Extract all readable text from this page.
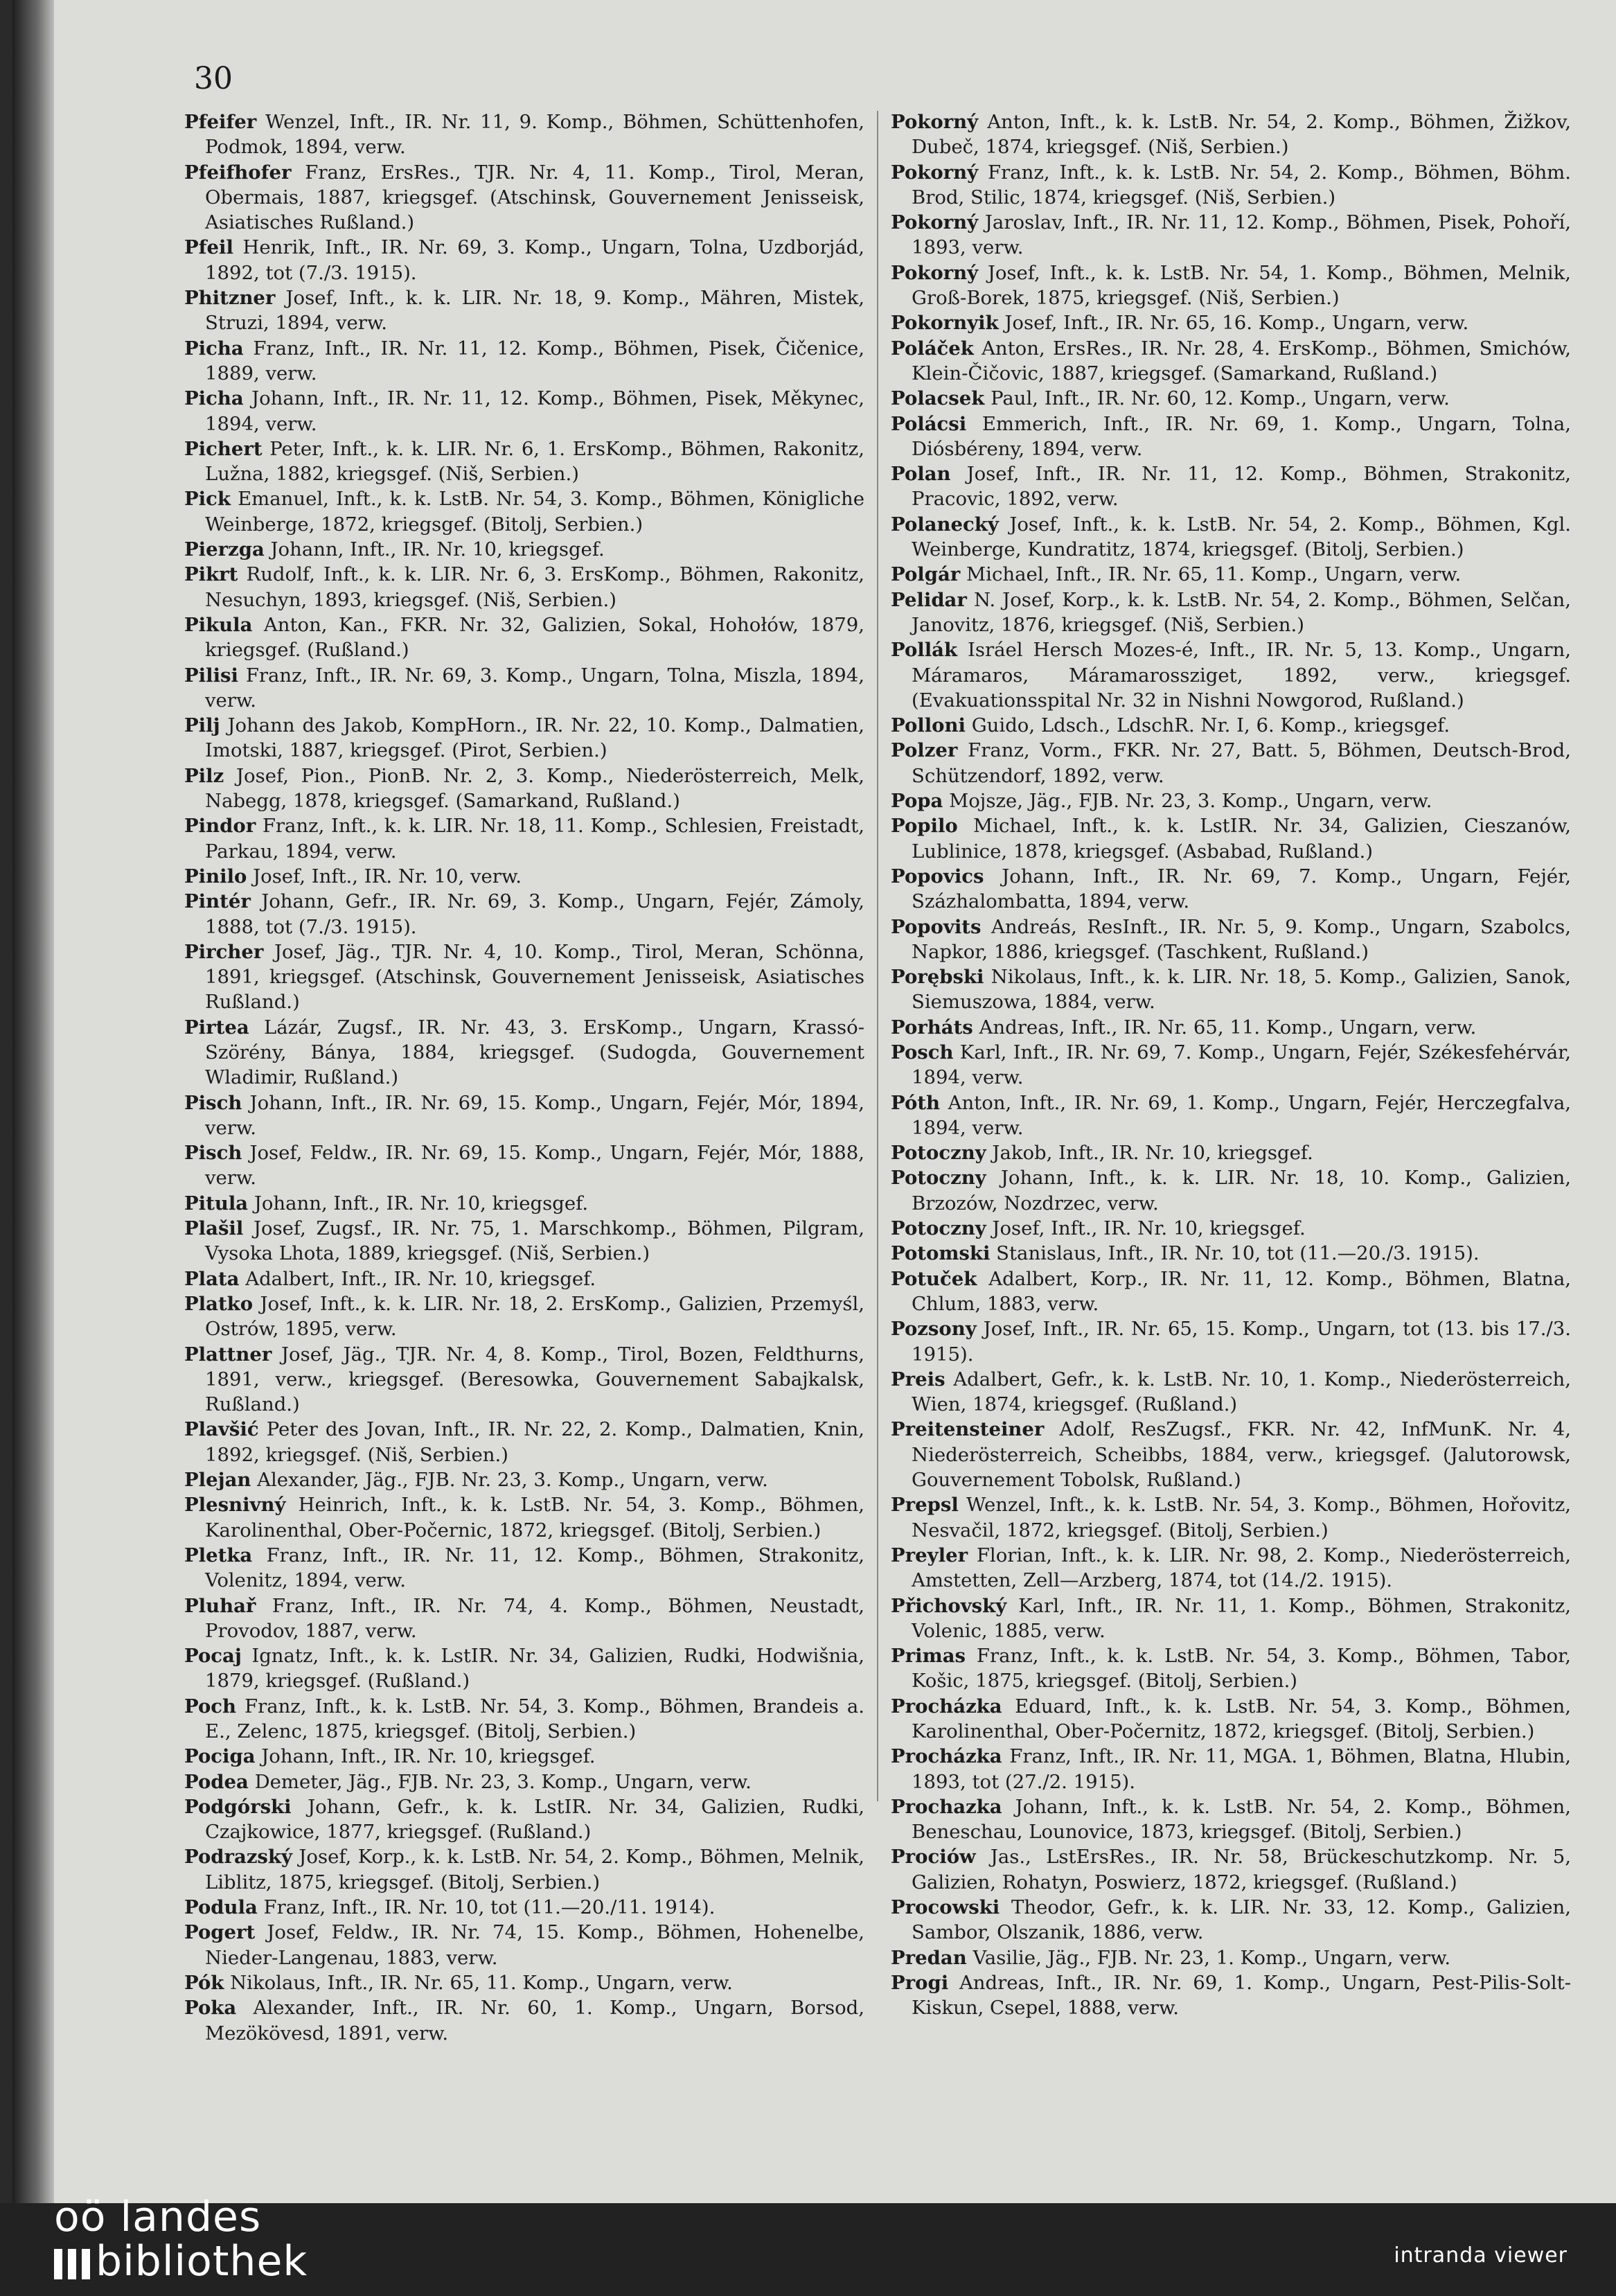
30
Pfeifer Wenzel, Inft., IR. Nr. 11, 9. Komp., Böhmen, Schüttenhofen, Podmok, 1894, verw.
Pfeifhofer Franz, ErsRes., TJR. Nr. 4, 11. Komp., Tirol, Meran, Obermais, 1887, kriegsgef. (Atschinsk, Gouvernement Jenisseisk, Asiatisches Rußland.)
Pfeil Henrik, Inft., IR. Nr. 69, 3. Komp., Ungarn, Tolna, Uzdborjád, 1892, tot (7./3. 1915).
Phitzner Josef, Inft., k. k. LIR. Nr. 18, 9. Komp., Mähren, Mistek, Struzi, 1894, verw.
Picha Franz, Inft., IR. Nr. 11, 12. Komp., Böhmen, Pisek, Čičenice, 1889, verw.
Picha Johann, Inft., IR. Nr. 11, 12. Komp., Böhmen, Pisek, Měkynec, 1894, verw.
Pichert Peter, Inft., k. k. LIR. Nr. 6, 1. ErsKomp., Böhmen, Rakonitz, Lužna, 1882, kriegsgef. (Niš, Serbien.)
Pick Emanuel, Inft., k. k. LstB. Nr. 54, 3. Komp., Böhmen, Königliche Weinberge, 1872, kriegsgef. (Bitolj, Serbien.)
Pierzga Johann, Inft., IR. Nr. 10, kriegsgef.
Pikrt Rudolf, Inft., k. k. LIR. Nr. 6, 3. ErsKomp., Böhmen, Rakonitz, Nesuchyn, 1893, kriegsgef. (Niš, Serbien.)
Pikula Anton, Kan., FKR. Nr. 32, Galizien, Sokal, Hohołów, 1879, kriegsgef. (Rußland.)
Pilisi Franz, Inft., IR. Nr. 69, 3. Komp., Ungarn, Tolna, Miszla, 1894, verw.
Pilj Johann des Jakob, KompHorn., IR. Nr. 22, 10. Komp., Dalmatien, Imotski, 1887, kriegsgef. (Pirot, Serbien.)
Pilz Josef, Pion., PionB. Nr. 2, 3. Komp., Niederösterreich, Melk, Nabegg, 1878, kriegsgef. (Samarkand, Rußland.)
Pindor Franz, Inft., k. k. LIR. Nr. 18, 11. Komp., Schlesien, Freistadt, Parkau, 1894, verw.
Pinilo Josef, Inft., IR. Nr. 10, verw.
Pintér Johann, Gefr., IR. Nr. 69, 3. Komp., Ungarn, Fejér, Zámoly, 1888, tot (7./3. 1915).
Pircher Josef, Jäg., TJR. Nr. 4, 10. Komp., Tirol, Meran, Schönna, 1891, kriegsgef. (Atschinsk, Gouvernement Jenisseisk, Asiatisches Rußland.)
Pirtea Lázár, Zugsf., IR. Nr. 43, 3. ErsKomp., Ungarn, Krassó-Szörény, Bánya, 1884, kriegsgef. (Sudogda, Gouvernement Wladimir, Rußland.)
Pisch Johann, Inft., IR. Nr. 69, 15. Komp., Ungarn, Fejér, Mór, 1894, verw.
Pisch Josef, Feldw., IR. Nr. 69, 15. Komp., Ungarn, Fejér, Mór, 1888, verw.
Pitula Johann, Inft., IR. Nr. 10, kriegsgef.
Plašil Josef, Zugsf., IR. Nr. 75, 1. Marschkomp., Böhmen, Pilgram, Vysoka Lhota, 1889, kriegsgef. (Niš, Serbien.)
Plata Adalbert, Inft., IR. Nr. 10, kriegsgef.
Platko Josef, Inft., k. k. LIR. Nr. 18, 2. ErsKomp., Galizien, Przemyśl, Ostrów, 1895, verw.
Plattner Josef, Jäg., TJR. Nr. 4, 8. Komp., Tirol, Bozen, Feldthurns, 1891, verw., kriegsgef. (Beresowka, Gouvernement Sabajkalsk, Rußland.)
Plavšić Peter des Jovan, Inft., IR. Nr. 22, 2. Komp., Dalmatien, Knin, 1892, kriegsgef. (Niš, Serbien.)
Plejan Alexander, Jäg., FJB. Nr. 23, 3. Komp., Ungarn, verw.
Plesnivný Heinrich, Inft., k. k. LstB. Nr. 54, 3. Komp., Böhmen, Karolinenthal, Ober-Počernic, 1872, kriegsgef. (Bitolj, Serbien.)
Pletka Franz, Inft., IR. Nr. 11, 12. Komp., Böhmen, Strakonitz, Volenitz, 1894, verw.
Pluhař Franz, Inft., IR. Nr. 74, 4. Komp., Böhmen, Neustadt, Provodov, 1887, verw.
Pocaj Ignatz, Inft., k. k. LstIR. Nr. 34, Galizien, Rudki, Hodwišnia, 1879, kriegsgef. (Rußland.)
Poch Franz, Inft., k. k. LstB. Nr. 54, 3. Komp., Böhmen, Brandeis a. E., Zelenc, 1875, kriegsgef. (Bitolj, Serbien.)
Pociga Johann, Inft., IR. Nr. 10, kriegsgef.
Podea Demeter, Jäg., FJB. Nr. 23, 3. Komp., Ungarn, verw.
Podgórski Johann, Gefr., k. k. LstIR. Nr. 34, Galizien, Rudki, Czajkowice, 1877, kriegsgef. (Rußland.)
Podrazský Josef, Korp., k. k. LstB. Nr. 54, 2. Komp., Böhmen, Melnik, Liblitz, 1875, kriegsgef. (Bitolj, Serbien.)
Podula Franz, Inft., IR. Nr. 10, tot (11.—20./11. 1914).
Pogert Josef, Feldw., IR. Nr. 74, 15. Komp., Böhmen, Hohenelbe, Nieder-Langenau, 1883, verw.
Pók Nikolaus, Inft., IR. Nr. 65, 11. Komp., Ungarn, verw.
Poka Alexander, Inft., IR. Nr. 60, 1. Komp., Ungarn, Borsod, Mezökövesd, 1891, verw.
Pokorný Anton, Inft., k. k. LstB. Nr. 54, 2. Komp., Böhmen, Žižkov, Dubeč, 1874, kriegsgef. (Niš, Serbien.)
Pokorný Franz, Inft., k. k. LstB. Nr. 54, 2. Komp., Böhmen, Böhm. Brod, Stilic, 1874, kriegsgef. (Niš, Serbien.)
Pokorný Jaroslav, Inft., IR. Nr. 11, 12. Komp., Böhmen, Pisek, Pohoří, 1893, verw.
Pokorný Josef, Inft., k. k. LstB. Nr. 54, 1. Komp., Böhmen, Melnik, Groß-Borek, 1875, kriegsgef. (Niš, Serbien.)
Pokornyik Josef, Inft., IR. Nr. 65, 16. Komp., Ungarn, verw.
Poláček Anton, ErsRes., IR. Nr. 28, 4. ErsKomp., Böhmen, Smichów, Klein-Čičovic, 1887, kriegsgef. (Samarkand, Rußland.)
Polacsek Paul, Inft., IR. Nr. 60, 12. Komp., Ungarn, verw.
Polácsi Emmerich, Inft., IR. Nr. 69, 1. Komp., Ungarn, Tolna, Diósbéreny, 1894, verw.
Polan Josef, Inft., IR. Nr. 11, 12. Komp., Böhmen, Strakonitz, Pracovic, 1892, verw.
Polanecký Josef, Inft., k. k. LstB. Nr. 54, 2. Komp., Böhmen, Kgl. Weinberge, Kundratitz, 1874, kriegsgef. (Bitolj, Serbien.)
Polgár Michael, Inft., IR. Nr. 65, 11. Komp., Ungarn, verw.
Pelidar N. Josef, Korp., k. k. LstB. Nr. 54, 2. Komp., Böhmen, Selčan, Janovitz, 1876, kriegsgef. (Niš, Serbien.)
Pollák Isráel Hersch Mozes-é, Inft., IR. Nr. 5, 13. Komp., Ungarn, Máramaros, Máramarossziget, 1892, verw., kriegsgef. (Evakuationsspital Nr. 32 in Nishni Nowgorod, Rußland.)
Polloni Guido, Ldsch., LdschR. Nr. I, 6. Komp., kriegsgef.
Polzer Franz, Vorm., FKR. Nr. 27, Batt. 5, Böhmen, Deutsch-Brod, Schützendorf, 1892, verw.
Popa Mojsze, Jäg., FJB. Nr. 23, 3. Komp., Ungarn, verw.
Popilo Michael, Inft., k. k. LstIR. Nr. 34, Galizien, Cieszanów, Lublinice, 1878, kriegsgef. (Asbabad, Rußland.)
Popovics Johann, Inft., IR. Nr. 69, 7. Komp., Ungarn, Fejér, Százhalombatta, 1894, verw.
Popovits Andreás, ResInft., IR. Nr. 5, 9. Komp., Ungarn, Szabolcs, Napkor, 1886, kriegsgef. (Taschkent, Rußland.)
Porębski Nikolaus, Inft., k. k. LIR. Nr. 18, 5. Komp., Galizien, Sanok, Siemuszowa, 1884, verw.
Porháts Andreas, Inft., IR. Nr. 65, 11. Komp., Ungarn, verw.
Posch Karl, Inft., IR. Nr. 69, 7. Komp., Ungarn, Fejér, Székesfehérvár, 1894, verw.
Póth Anton, Inft., IR. Nr. 69, 1. Komp., Ungarn, Fejér, Herczegfalva, 1894, verw.
Potoczny Jakob, Inft., IR. Nr. 10, kriegsgef.
Potoczny Johann, Inft., k. k. LIR. Nr. 18, 10. Komp., Galizien, Brzozów, Nozdrzec, verw.
Potoczny Josef, Inft., IR. Nr. 10, kriegsgef.
Potomski Stanislaus, Inft., IR. Nr. 10, tot (11.—20./3. 1915).
Potuček Adalbert, Korp., IR. Nr. 11, 12. Komp., Böhmen, Blatna, Chlum, 1883, verw.
Pozsony Josef, Inft., IR. Nr. 65, 15. Komp., Ungarn, tot (13. bis 17./3. 1915).
Preis Adalbert, Gefr., k. k. LstB. Nr. 10, 1. Komp., Niederösterreich, Wien, 1874, kriegsgef. (Rußland.)
Preitensteiner Adolf, ResZugsf., FKR. Nr. 42, InfMunK. Nr. 4, Niederösterreich, Scheibbs, 1884, verw., kriegsgef. (Jalutorowsk, Gouvernement Tobolsk, Rußland.)
Prepsl Wenzel, Inft., k. k. LstB. Nr. 54, 3. Komp., Böhmen, Hořovitz, Nesvačil, 1872, kriegsgef. (Bitolj, Serbien.)
Preyler Florian, Inft., k. k. LIR. Nr. 98, 2. Komp., Niederösterreich, Amstetten, Zell—Arzberg, 1874, tot (14./2. 1915).
Přichovský Karl, Inft., IR. Nr. 11, 1. Komp., Böhmen, Strakonitz, Volenic, 1885, verw.
Primas Franz, Inft., k. k. LstB. Nr. 54, 3. Komp., Böhmen, Tabor, Košic, 1875, kriegsgef. (Bitolj, Serbien.)
Procházka Eduard, Inft., k. k. LstB. Nr. 54, 3. Komp., Böhmen, Karolinenthal, Ober-Počernitz, 1872, kriegsgef. (Bitolj, Serbien.)
Procházka Franz, Inft., IR. Nr. 11, MGA. 1, Böhmen, Blatna, Hlubin, 1893, tot (27./2. 1915).
Prochazka Johann, Inft., k. k. LstB. Nr. 54, 2. Komp., Böhmen, Beneschau, Lounovice, 1873, kriegsgef. (Bitolj, Serbien.)
Prociów Jas., LstErsRes., IR. Nr. 58, Brückeschutzkomp. Nr. 5, Galizien, Rohatyn, Poswierz, 1872, kriegsgef. (Rußland.)
Procowski Theodor, Gefr., k. k. LIR. Nr. 33, 12. Komp., Galizien, Sambor, Olszanik, 1886, verw.
Predan Vasilie, Jäg., FJB. Nr. 23, 1. Komp., Ungarn, verw.
Progi Andreas, Inft., IR. Nr. 69, 1. Komp., Ungarn, Pest-Pilis-Solt-Kiskun, Csepel, 1888, verw.
oö landes
bibliothek	intranda viewer
